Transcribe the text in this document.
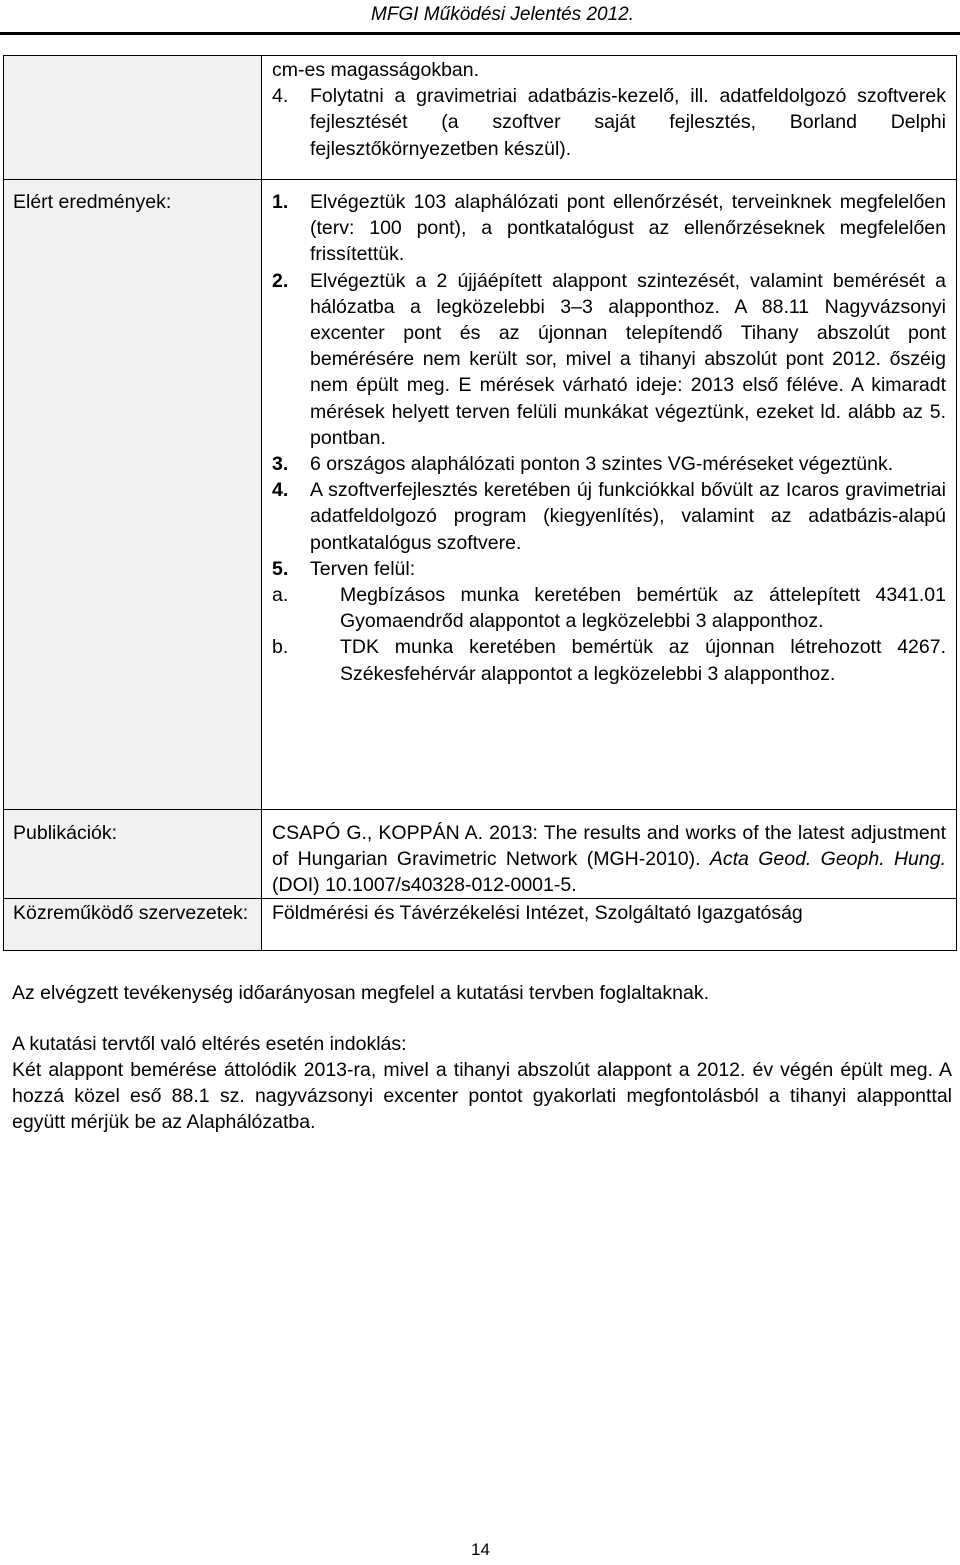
MFGI Működési Jelentés 2012.
Elért eredmények:
Publikációk:
Közreműködő szervezetek:
cm-es magasságokban.
4. Folytatni a gravimetriai adatbázis-kezelő, ill. adatfeldolgozó szoftverek fejlesztését (a szoftver saját fejlesztés, Borland Delphi fejlesztőkörnyezetben készül).
1. Elvégeztük 103 alaphálózati pont ellenőrzését, terveinknek megfelelően (terv: 100 pont), a pontkatalógust az ellenőrzéseknek megfelelően frissítettük.
2. Elvégeztük a 2 újjáépített alappont szintezését, valamint bemérését a hálózatba a legközelebbi 3–3 alapponthoz. A 88.11 Nagyvázsonyi excenter pont és az újonnan telepítendő Tihany abszolút pont bemérésére nem került sor, mivel a tihanyi abszolút pont 2012. őszéig nem épült meg. E mérések várható ideje: 2013 első féléve. A kimaradt mérések helyett terven felüli munkákat végeztünk, ezeket ld. alább az 5. pontban.
3. 6 országos alaphálózati ponton 3 szintes VG-méréseket végeztünk.
4. A szoftverfejlesztés keretében új funkciókkal bővült az Icaros gravimetriai adatfeldolgozó program (kiegyenlítés), valamint az adatbázis-alapú pontkatalógus szoftvere.
5. Terven felül:
a.	Megbízásos munka keretében bemértük az áttelepített 4341.01 Gyomaendrőd alappontot a legközelebbi 3 alapponthoz.
b.	TDK munka keretében bemértük az újonnan létrehozott 4267. Székesfehérvár alappontot a legközelebbi 3 alapponthoz.
CSAPÓ G., KOPPÁN A. 2013: The results and works of the latest adjustment of Hungarian Gravimetric Network (MGH-2010). Acta Geod. Geoph. Hung. (DOI) 10.1007/s40328-012-0001-5.
Földmérési és Távérzékelési Intézet, Szolgáltató Igazgatóság
Az elvégzett tevékenység időarányosan megfelel a kutatási tervben foglaltaknak.
A kutatási tervtől való eltérés esetén indoklás:
Két alappont bemérése áttolódik 2013-ra, mivel a tihanyi abszolút alappont a 2012. év végén épült meg. A hozzá közel eső 88.1 sz. nagyvázsonyi excenter pontot gyakorlati megfontolásból a tihanyi alapponttal együtt mérjük be az Alaphálózatba.
14
